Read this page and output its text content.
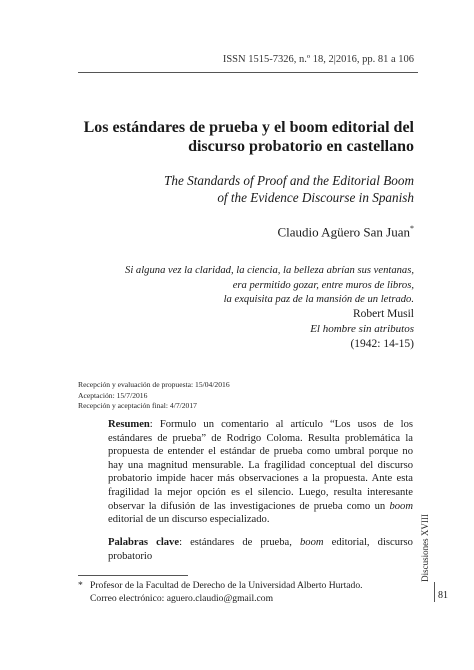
ISSN 1515-7326, n.º 18, 2|2016, pp. 81 a 106
Los estándares de prueba y el boom editorial del
discurso probatorio en castellano
The Standards of Proof and the Editorial Boom
of the Evidence Discourse in Spanish
Claudio Agüero San Juan*
Si alguna vez la claridad, la ciencia, la belleza abrían sus ventanas,
era permitido gozar, entre muros de libros,
la exquisita paz de la mansión de un letrado.
Robert Musil
El hombre sin atributos
(1942: 14-15)
Recepción y evaluación de propuesta: 15/04/2016
Aceptación: 15/7/2016
Recepción y aceptación final: 4/7/2017
Resumen: Formulo un comentario al artículo “Los usos de los estándares de prueba” de Rodrigo Coloma. Resulta problemática la propuesta de entender el estándar de prueba como umbral porque no hay una magnitud mensurable. La fragilidad conceptual del discurso probatorio impide hacer más observaciones a la propuesta. Ante esta fragilidad la mejor opción es el silencio. Luego, resulta interesante observar la difusión de las investigaciones de prueba como un boom editorial de un discurso especializado.
Palabras clave: estándares de prueba, boom editorial, discurso probatorio
* Profesor de la Facultad de Derecho de la Universidad Alberto Hurtado.
Correo electrónico: aguero.claudio@gmail.com
Discusiones XVIII
81
